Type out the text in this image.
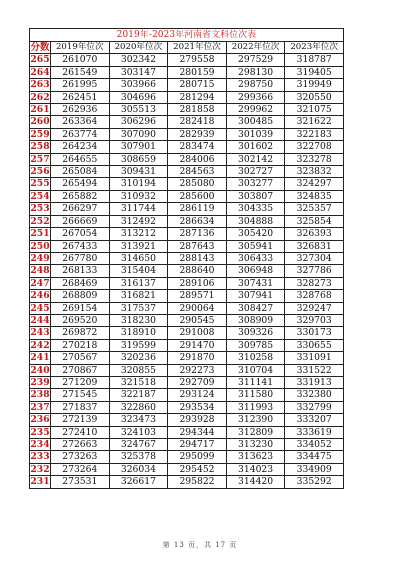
2019年-2023年河南省文科位次表					
分数	2019年位次	2020年位次	2021年位次	2022年位次	2023年位次
265	261070	302342	279558	297529	318787
264	261549	303147	280159	298130	319405
263	261995	303966	280715	298750	319949
262	262451	304696	281294	299366	320550
261	262936	305513	281858	299962	321075
260	263364	306296	282418	300485	321622
259	263774	307090	282939	301039	322183
258	264234	307901	283474	301602	322708
257	264655	308659	284006	302142	323278
256	265084	309431	284563	302727	323832
255	265494	310194	285080	303277	324297
254	265882	310932	285600	303807	324835
253	266297	311744	286119	304335	325357
252	266669	312492	286634	304888	325854
251	267054	313212	287136	305420	326393
250	267433	313921	287643	305941	326831
249	267780	314650	288143	306433	327304
248	268133	315404	288640	306948	327786
247	268469	316137	289106	307431	328273
246	268809	316821	289571	307941	328768
245	269154	317537	290064	308427	329247
244	269520	318230	290545	308909	329703
243	269872	318910	291008	309326	330173
242	270218	319599	291470	309785	330655
241	270567	320236	291870	310258	331091
240	270867	320855	292273	310704	331522
239	271209	321518	292709	311141	331913
238	271545	322187	293124	311580	332380
237	271837	322860	293534	311993	332799
236	272139	323473	293928	312390	333207
235	272410	324103	294344	312809	333619
234	272663	324767	294717	313230	334052
233	273263	325378	295099	313623	334475
232	273264	326034	295452	314023	334909
231	273531	326617	295822	314420	335292
第 13 页，共 17 页
